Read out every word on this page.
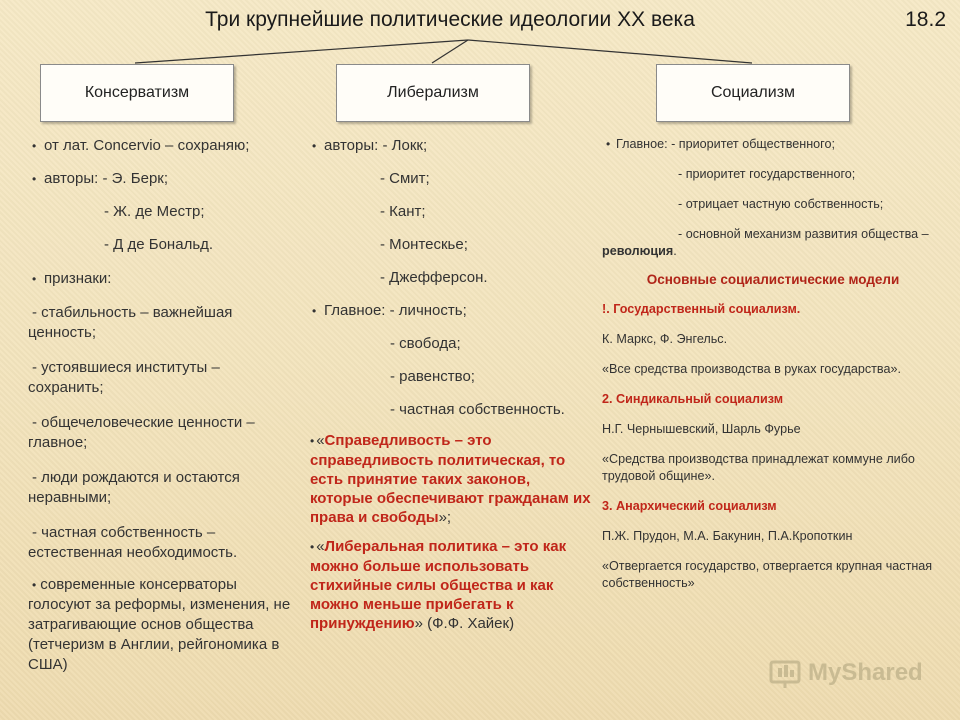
Три крупнейшие политические идеологии XX века	18.2
Консерватизм	Либерализм	Социализм

• от лат. Concervio – сохраняю;

• авторы: - Э. Берк;

- Ж. де Местр;

- Д де Бональд.

• признаки:

- стабильность – важнейшая ценность;

- устоявшиеся институты – сохранить;

- общечеловеческие ценности – главное;

- люди рождаются и остаются неравными;

- частная собственность – естественная необходимость.

• современные консерваторы голосуют за реформы, изменения, не затрагивающие основ общества (тетчеризм в Англии, рейгономика в США)

• авторы: - Локк;

- Смит;

- Кант;

- Монтескье;

- Джефферсон.

• Главное: - личность;

- свобода;

- равенство;

- частная собственность.

• «Справедливость – это справедливость политическая, то есть принятие таких законов, которые обеспечивают гражданам их права и свободы»;

• «Либеральная политика – это как можно больше использовать стихийные силы общества и как можно меньше прибегать к принуждению» (Ф.Ф. Хайек)

• Главное: - приоритет общественного;

- приоритет государственного;

- отрицает частную собственность;

- основной механизм развития общества – революция.

Основные социалистические модели

!. Государственный социализм.

К. Маркс, Ф. Энгельс.

«Все средства производства в руках государства».

2. Синдикальный социализм

Н.Г. Чернышевский, Шарль Фурье

«Средства производства принадлежат коммуне либо трудовой общине».

3. Анархический социализм

П.Ж. Прудон, М.А. Бакунин, П.А.Кропоткин

«Отвергается государство, отвергается крупная частная собственность»

MyShared
